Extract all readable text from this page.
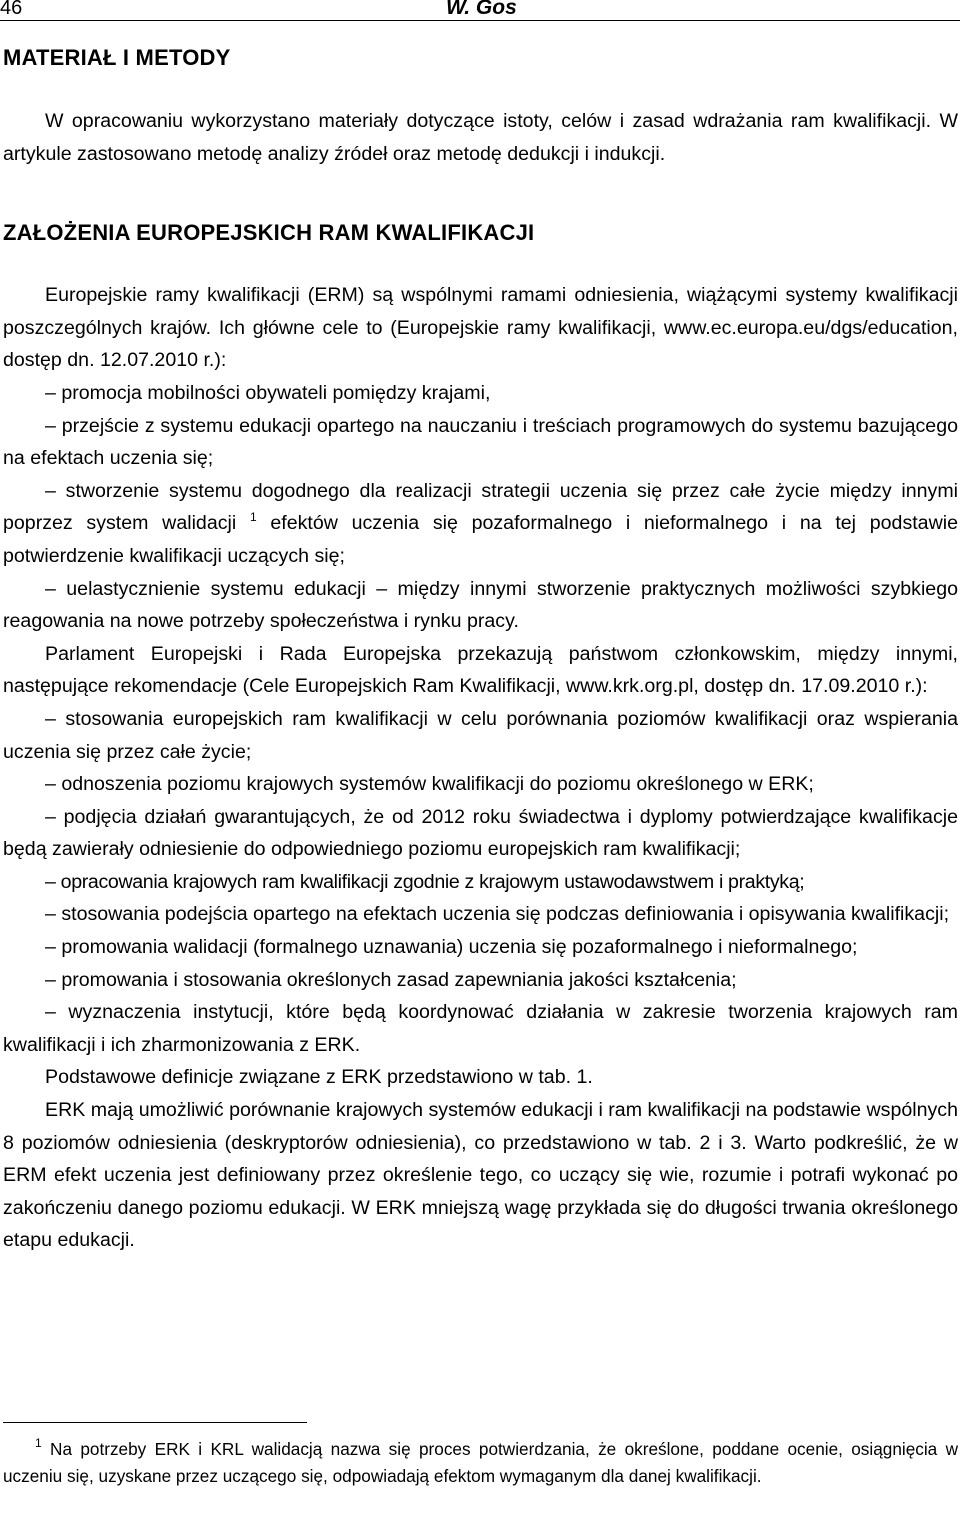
46	W. Gos
MATERIAŁ I METODY

W opracowaniu wykorzystano materiały dotyczące istoty, celów i zasad wdrażania ram kwalifikacji. W artykule zastosowano metodę analizy źródeł oraz metodę dedukcji i indukcji.

ZAŁOŻENIA EUROPEJSKICH RAM KWALIFIKACJI

Europejskie ramy kwalifikacji (ERM) są wspólnymi ramami odniesienia, wiążącymi systemy kwalifikacji poszczególnych krajów. Ich główne cele to (Europejskie ramy kwalifikacji, www.ec.europa.eu/dgs/education, dostęp dn. 12.07.2010 r.):

– promocja mobilności obywateli pomiędzy krajami,

– przejście z systemu edukacji opartego na nauczaniu i treściach programowych do systemu bazującego na efektach uczenia się;

– stworzenie systemu dogodnego dla realizacji strategii uczenia się przez całe życie między innymi poprzez system walidacji $^1$ efektów uczenia się pozaformalnego i nieformalnego i na tej podstawie potwierdzenie kwalifikacji uczących się;

– uelastycznienie systemu edukacji – między innymi stworzenie praktycznych możliwości szybkiego reagowania na nowe potrzeby społeczeństwa i rynku pracy.

Parlament Europejski i Rada Europejska przekazują państwom członkowskim, między innymi, następujące rekomendacje (Cele Europejskich Ram Kwalifikacji, www.krk.org.pl, dostęp dn. 17.09.2010 r.):

– stosowania europejskich ram kwalifikacji w celu porównania poziomów kwalifikacji oraz wspierania uczenia się przez całe życie;

– odnoszenia poziomu krajowych systemów kwalifikacji do poziomu określonego w ERK;

– podjęcia działań gwarantujących, że od 2012 roku świadectwa i dyplomy potwierdzające kwalifikacje będą zawierały odniesienie do odpowiedniego poziomu europejskich ram kwalifikacji;

– opracowania krajowych ram kwalifikacji zgodnie z krajowym ustawodawstwem i praktyką;

– stosowania podejścia opartego na efektach uczenia się podczas definiowania i opisywania kwalifikacji;

– promowania walidacji (formalnego uznawania) uczenia się pozaformalnego i nieformalnego;

– promowania i stosowania określonych zasad zapewniania jakości kształcenia;

– wyznaczenia instytucji, które będą koordynować działania w zakresie tworzenia krajowych ram kwalifikacji i ich zharmonizowania z ERK.

Podstawowe definicje związane z ERK przedstawiono w tab. 1.

ERK mają umożliwić porównanie krajowych systemów edukacji i ram kwalifikacji na podstawie wspólnych 8 poziomów odniesienia (deskryptorów odniesienia), co przedstawiono w tab. 2 i 3. Warto podkreślić, że w ERM efekt uczenia jest definiowany przez określenie tego, co uczący się wie, rozumie i potrafi wykonać po zakończeniu danego poziomu edukacji. W ERK mniejszą wagę przykłada się do długości trwania określonego etapu edukacji.

$^1$ Na potrzeby ERK i KRL walidacją nazwa się proces potwierdzania, że określone, poddane ocenie, osiągnięcia w uczeniu się, uzyskane przez uczącego się, odpowiadają efektom wymaganym dla danej kwalifikacji.
